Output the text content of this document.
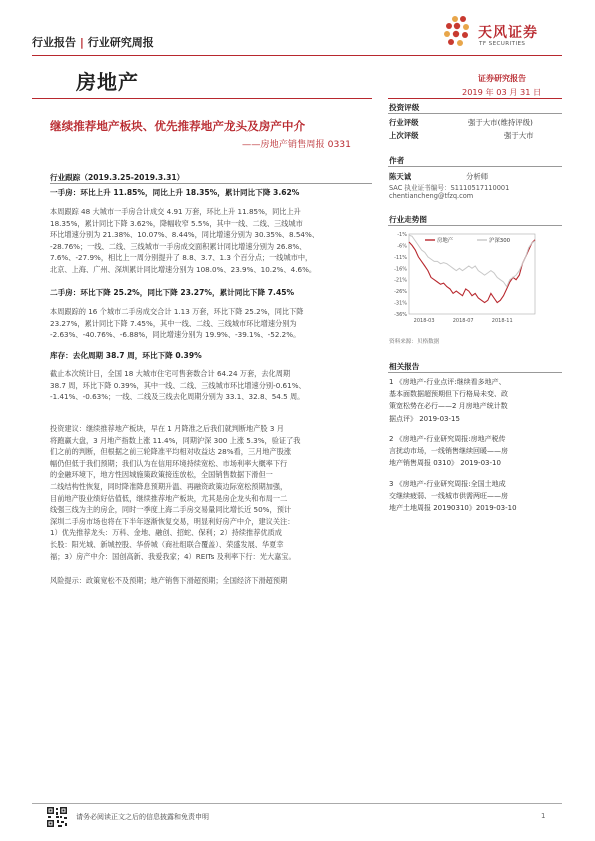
行业报告 | 行业研究周报
天风证券
TF SECURITIES
房地产	证券研究报告
2019 年 03 月 31 日
继续推荐地产板块、优先推荐地产龙头及房产中介
——房地产销售周报 0331
投资评级
行业评级	强于大市(维持评级)
上次评级	强于大市
作者
陈天诚	分析师
SAC 执业证书编号：S1110517110001
chentiancheng@tfzq.com
行业走势图
-1%
-6%
-11%
-16%
-21%
-26%
-31%
-36%
2018-03	2018-07	2018-11
房地产	沪深300
资料来源：贝格数据
相关报告
1 《房地产-行业点评:继续看多地产、
基本面数据超预期但下行格局未变、政
策宽松势在必行——2 月房地产统计数
据点评》 2019-03-15
2 《房地产-行业研究周报:房地产税传
言扰动市场，一线销售继续回暖——房
地产销售周报 0310》 2019-03-10
3 《房地产-行业研究周报:全国土地成
交继续疲弱、一线城市供需两旺——房
地产土地周报 20190310》2019-03-10
行业跟踪（2019.3.25-2019.3.31）
一手房：环比上升 11.85%，同比上升 18.35%，累计同比下降 3.62%
本周跟踪 48 大城市一手房合计成交 4.91 万套，环比上升 11.85%，同比上升
18.35%，累计同比下降 3.62%，降幅收窄 5.5%，其中一线、二线、三线城市
环比增速分别为 21.38%、10.07%、8.44%，同比增速分别为 30.35%、8.54%、
-28.76%；一线、二线、三线城市一手房成交面积累计同比增速分别为 26.8%、
7.6%、-27.9%，相比上一周分别提升了 8.8、3.7、1.3 个百分点；一线城市中，
北京、上海、广州、深圳累计同比增速分别为 108.0%、23.9%、10.2%、4.6%。
二手房：环比下降 25.2%，同比下降 23.27%，累计同比下降 7.45%
本周跟踪的 16 个城市二手房成交合计 1.13 万套，环比下降 25.2%，同比下降
23.27%，累计同比下降 7.45%，其中一线、二线、三线城市环比增速分别为
-2.63%、-40.76%、-6.88%，同比增速分别为 19.9%、-39.1%、-52.2%。
库存：去化周期 38.7 周，环比下降 0.39%
截止本次统计日，全国 18 大城市住宅可售套数合计 64.24 万套，去化周期
38.7 周，环比下降 0.39%，其中一线、二线、三线城市环比增速分别-0.61%、
-1.41%、-0.63%；一线、二线及三线去化周期分别为 33.1、32.8、54.5 周。
投资建议：继续推荐地产板块，早在 1 月降准之后我们就判断地产股 3 月
将跑赢大盘，3 月地产指数上涨 11.4%，同期沪深 300 上涨 5.3%，验证了我
们之前的判断，但根据之前三轮降准平均相对收益达 28%看，三月地产股涨
幅仍但低于我们预期；我们认为在信用环境持续宽松、市场利率大概率下行
的金融环境下，地方性因城施策政策接连放松，全国销售数据下滑但一
二线结构性恢复，同时降准降息预期升温、再融资政策边际宽松预期加强，
目前地产股业绩好估值低，继续推荐地产板块，尤其是房企龙头和布局一二
线强三线为主的房企，同时一季度上海二手房交易量同比增长近 50%，预计
深圳二手房市场也将在下半年逐渐恢复交易，明显利好房产中介，建议关注：
1）优先推荐龙头：万科、金地、融创、招蛇、保利；2）持续推荐优质成
长股：阳光城、新城控股、华侨城（商社组联合覆盖）、荣盛发展、华夏幸
福；3）房产中介：国创高新、我爱我家；4）REITs 及利率下行：光大嘉宝。
风险提示：政策宽松不及预期；地产销售下滑超预期；全国经济下滑超预期
请务必阅读正文之后的信息披露和免责申明	1
